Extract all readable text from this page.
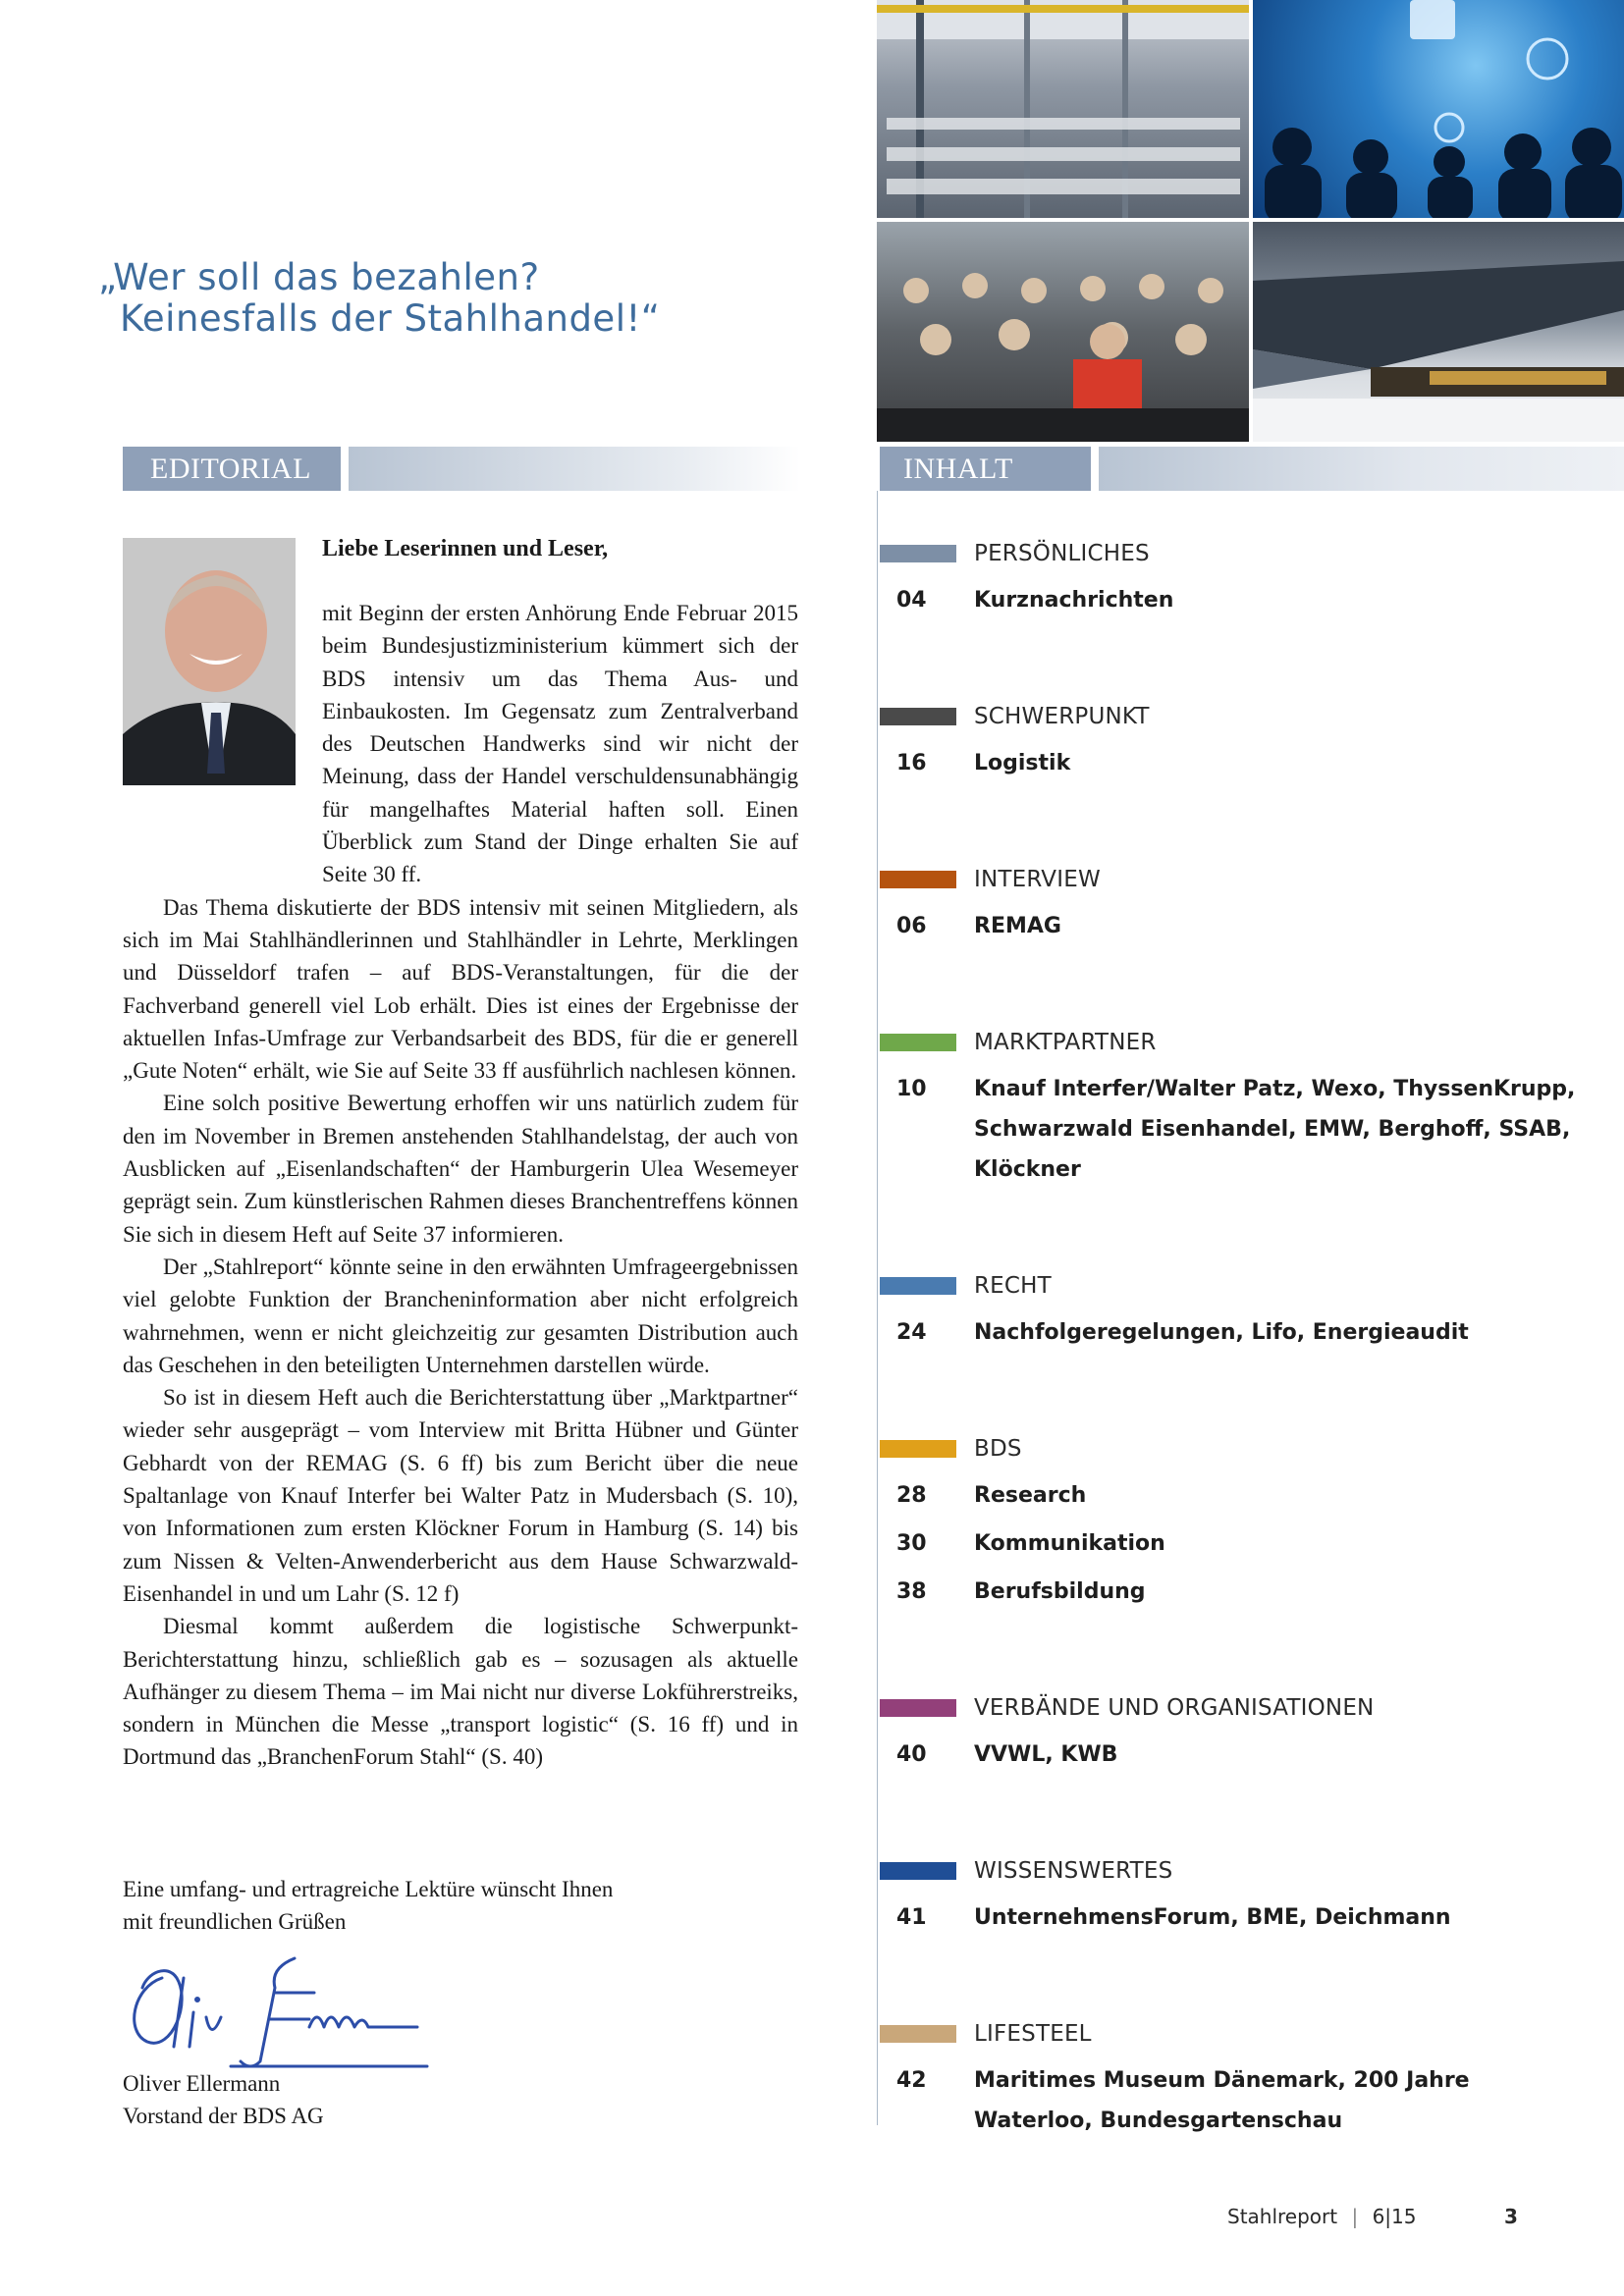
„Wer soll das bezahlen?
Keinesfalls der Stahlhandel!“
EDITORIAL	INHALT
Liebe Leserinnen und Leser,

mit Beginn der ersten Anhörung Ende Februar 2015 beim Bundesjustizministerium kümmert sich der BDS intensiv um das Thema Aus- und Einbaukosten. Im Gegensatz zum Zentralverband des Deutschen Handwerks sind wir nicht der Meinung, dass der Handel verschuldensunabhängig für mangelhaftes Material haften soll. Einen Überblick zum Stand der Dinge erhalten Sie auf Seite 30 ff.

Das Thema diskutierte der BDS intensiv mit seinen Mitgliedern, als sich im Mai Stahlhändlerinnen und Stahlhändler in Lehrte, Merklingen und Düsseldorf trafen – auf BDS-Veranstaltungen, für die der Fachverband generell viel Lob erhält. Dies ist eines der Ergebnisse der aktuellen Infas-Umfrage zur Verbandsarbeit des BDS, für die er generell „Gute Noten“ erhält, wie Sie auf Seite 33 ff ausführlich nachlesen können.

Eine solch positive Bewertung erhoffen wir uns natürlich zudem für den im November in Bremen anstehenden Stahlhandelstag, der auch von Ausblicken auf „Eisenlandschaften“ der Hamburgerin Ulea Wesemeyer geprägt sein. Zum künstlerischen Rahmen dieses Branchentreffens können Sie sich in diesem Heft auf Seite 37 informieren.

Der „Stahlreport“ könnte seine in den erwähnten Umfrageergebnissen viel gelobte Funktion der Brancheninformation aber nicht erfolgreich wahrnehmen, wenn er nicht gleichzeitig zur gesamten Distribution auch das Geschehen in den beteiligten Unternehmen darstellen würde.

So ist in diesem Heft auch die Berichterstattung über „Marktpartner“ wieder sehr ausgeprägt – vom Interview mit Britta Hübner und Günter Gebhardt von der REMAG (S. 6 ff) bis zum Bericht über die neue Spaltanlage von Knauf Interfer bei Walter Patz in Mudersbach (S. 10), von Informationen zum ersten Klöckner Forum in Hamburg (S. 14) bis zum Nissen & Velten-Anwenderbericht aus dem Hause Schwarzwald-Eisenhandel in und um Lahr (S. 12 f)

Diesmal kommt außerdem die logistische Schwerpunkt-Berichterstattung hinzu, schließlich gab es – sozusagen als aktuelle Aufhänger zu diesem Thema – im Mai nicht nur diverse Lokführerstreiks, sondern in München die Messe „transport logistic“ (S. 16 ff) und in Dortmund das „BranchenForum Stahl“ (S. 40)

Eine umfang- und ertragreiche Lektüre wünscht Ihnen
mit freundlichen Grüßen
Oliver Ellermann
Vorstand der BDS AG
PERSÖNLICHES
04 Kurznachrichten
SCHWERPUNKT
16 Logistik
INTERVIEW
06 REMAG
MARKTPARTNER
10 Knauf Interfer/Walter Patz, Wexo, ThyssenKrupp, Schwarzwald Eisenhandel, EMW, Berghoff, SSAB, Klöckner
RECHT
24 Nachfolgeregelungen, Lifo, Energieaudit
BDS
28 Research
30 Kommunikation
38 Berufsbildung
VERBÄNDE UND ORGANISATIONEN
40 VVWL, KWB
WISSENSWERTES
41 UnternehmensForum, BME, Deichmann
LIFESTEEL
42 Maritimes Museum Dänemark, 200 Jahre Waterloo, Bundesgartenschau
Stahlreport | 6|15	3
